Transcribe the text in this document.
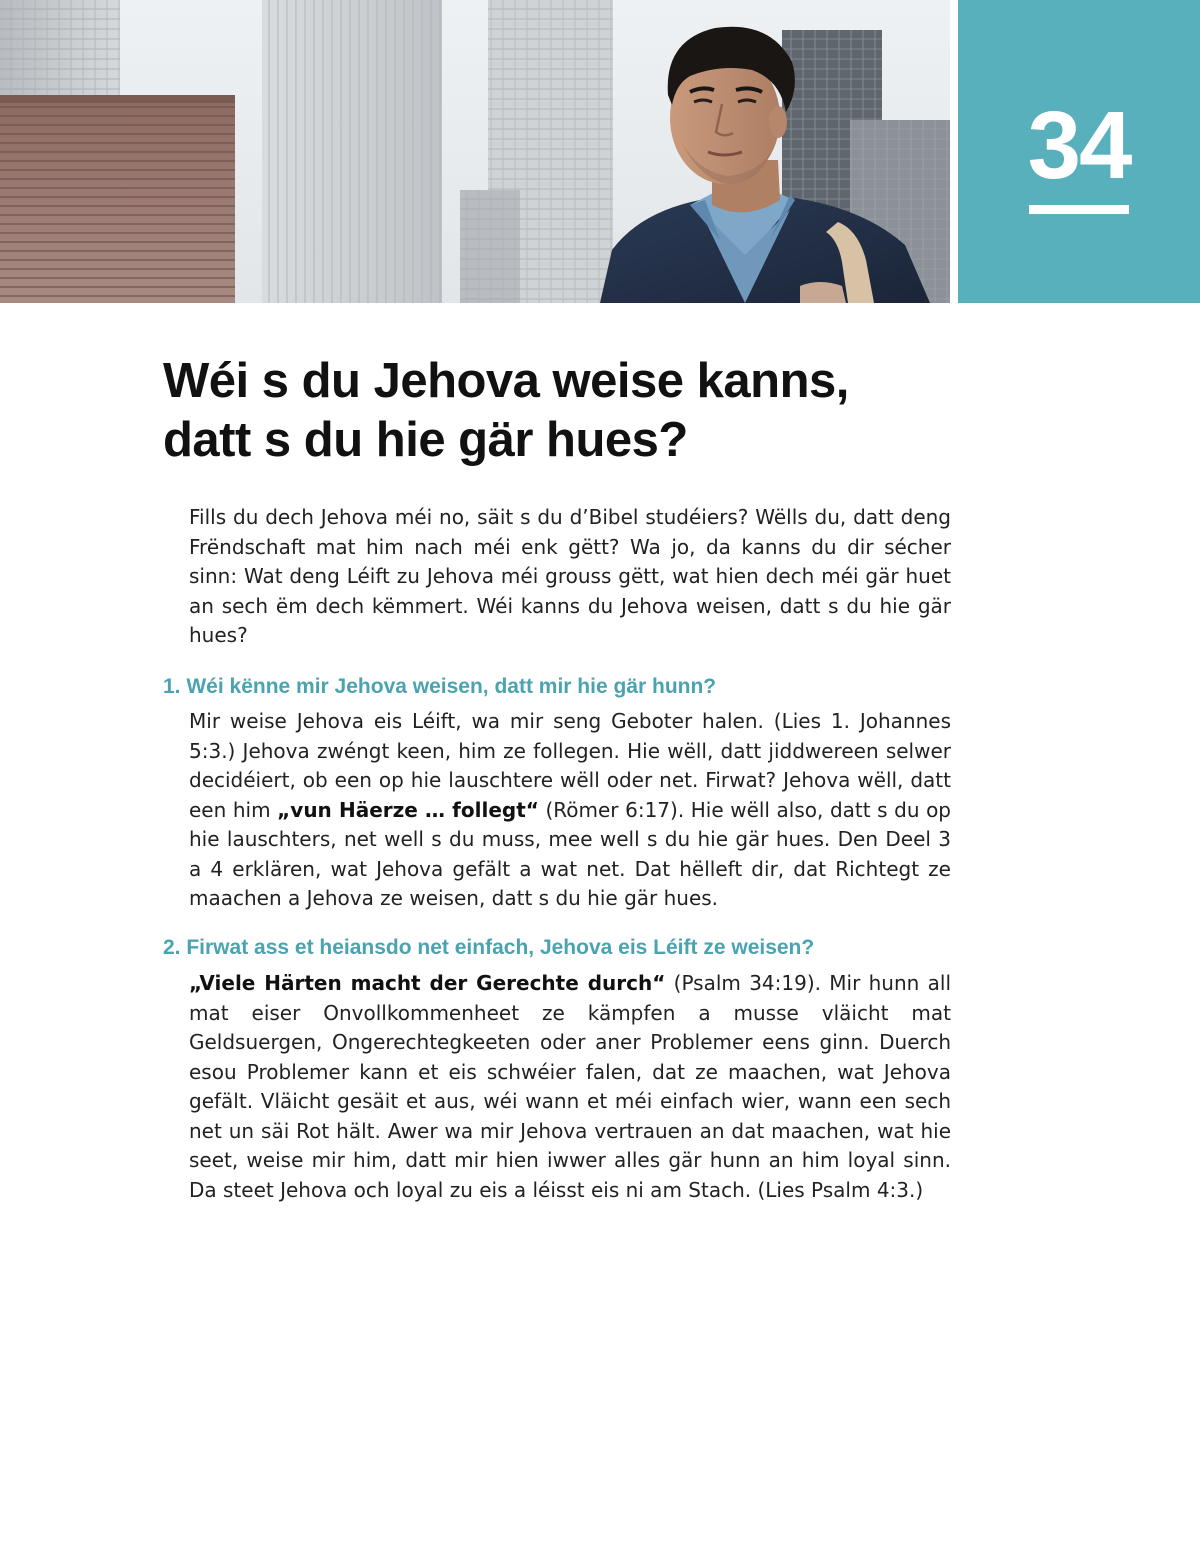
34
Wéi s du Jehova weise kanns,
datt s du hie gär hues?

Fills du dech Jehova méi no, säit s du d’Bibel studéiers? Wëlls du, datt deng Frëndschaft mat him nach méi enk gëtt? Wa jo, da kanns du dir sécher sinn: Wat deng Léift zu Jehova méi grouss gëtt, wat hien dech méi gär huet an sech ëm dech këmmert. Wéi kanns du Jehova weisen, datt s du hie gär hues?

1. Wéi kënne mir Jehova weisen, datt mir hie gär hunn?

Mir weise Jehova eis Léift, wa mir seng Geboter halen. (Lies 1. Johannes 5:3.) Jehova zwéngt keen, him ze follegen. Hie wëll, datt jiddwereen selwer decidéiert, ob een op hie lauschtere wëll oder net. Firwat? Jehova wëll, datt een him „vun Häerze … follegt“ (Römer 6:17). Hie wëll also, datt s du op hie lauschters, net well s du muss, mee well s du hie gär hues. Den Deel 3 a 4 erklären, wat Jehova gefält a wat net. Dat hëlleft dir, dat Richtegt ze maachen a Jehova ze weisen, datt s du hie gär hues.

2. Firwat ass et heiansdo net einfach, Jehova eis Léift ze weisen?

„Viele Härten macht der Gerechte durch“ (Psalm 34:19). Mir hunn all mat eiser Onvollkommenheet ze kämpfen a musse vläicht mat Geldsuergen, Ongerechtegkeeten oder aner Problemer eens ginn. Duerch esou Problemer kann et eis schwéier falen, dat ze maachen, wat Jehova gefält. Vläicht gesäit et aus, wéi wann et méi einfach wier, wann een sech net un säi Rot hält. Awer wa mir Jehova vertrauen an dat maachen, wat hie seet, weise mir him, datt mir hien iwwer alles gär hunn an him loyal sinn. Da steet Jehova och loyal zu eis a léisst eis ni am Stach. (Lies Psalm 4:3.)
